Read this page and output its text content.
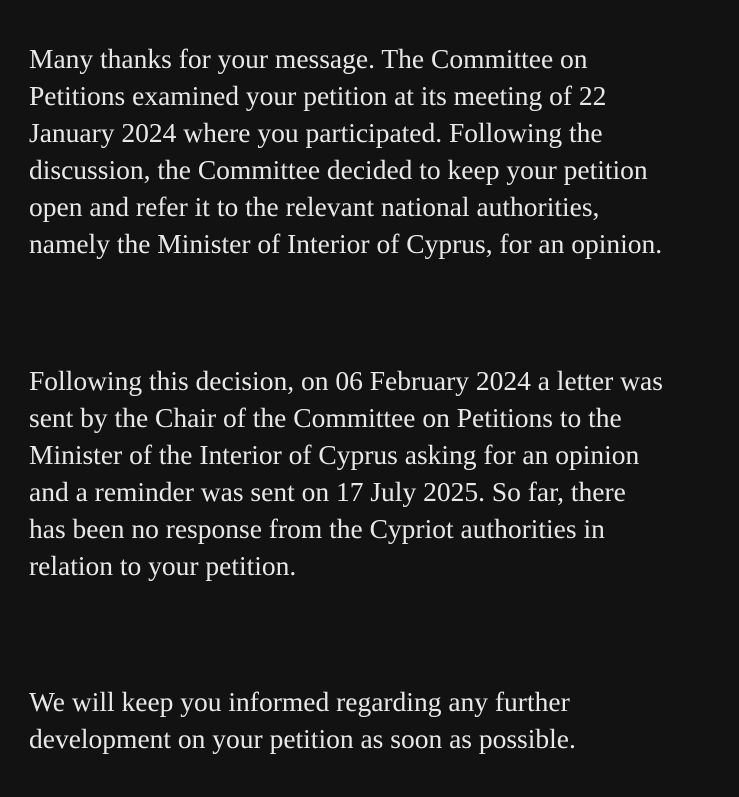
Many thanks for your message. The Committee on
Petitions examined your petition at its meeting of 22
January 2024 where you participated. Following the
discussion, the Committee decided to keep your petition
open and refer it to the relevant national authorities,
namely the Minister of Interior of Cyprus, for an opinion.

Following this decision, on 06 February 2024 a letter was
sent by the Chair of the Committee on Petitions to the
Minister of the Interior of Cyprus asking for an opinion
and a reminder was sent on 17 July 2025. So far, there
has been no response from the Cypriot authorities in
relation to your petition.

We will keep you informed regarding any further
development on your petition as soon as possible.
